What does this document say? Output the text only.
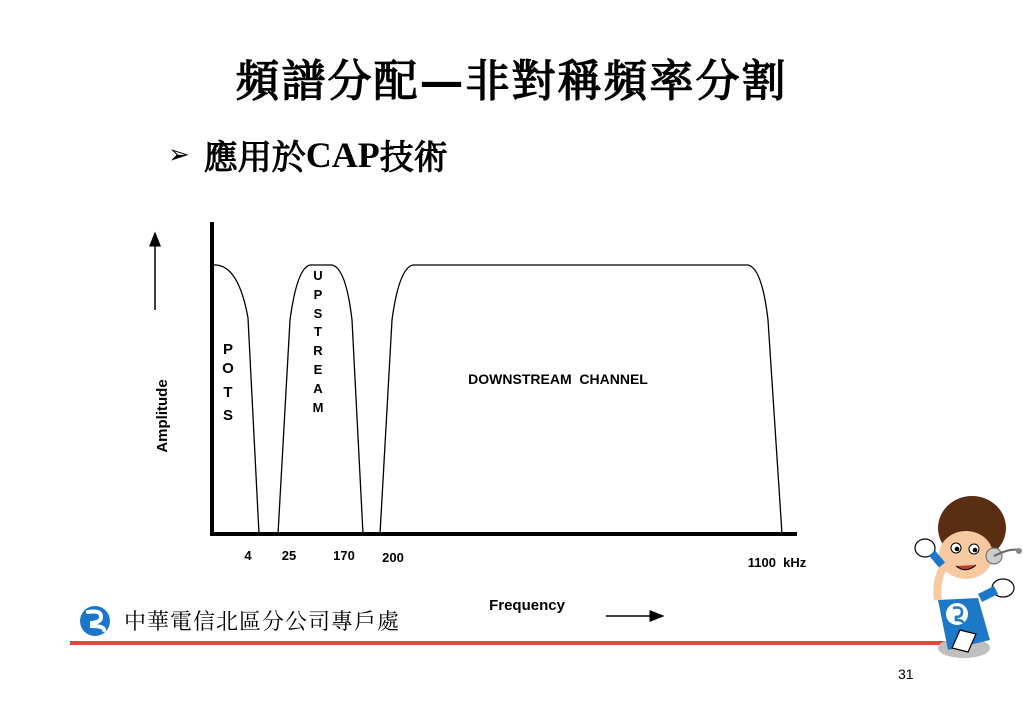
頻譜分配—非對稱頻率分割
➢ 應用於 CAP 技術
Amplitude
P
O
T
S
U
P
S
T
R
E
A
M
DOWNSTREAM  CHANNEL
4 25	170 200	1100  kHz
Frequency
中華電信北區分公司專戶處
31
